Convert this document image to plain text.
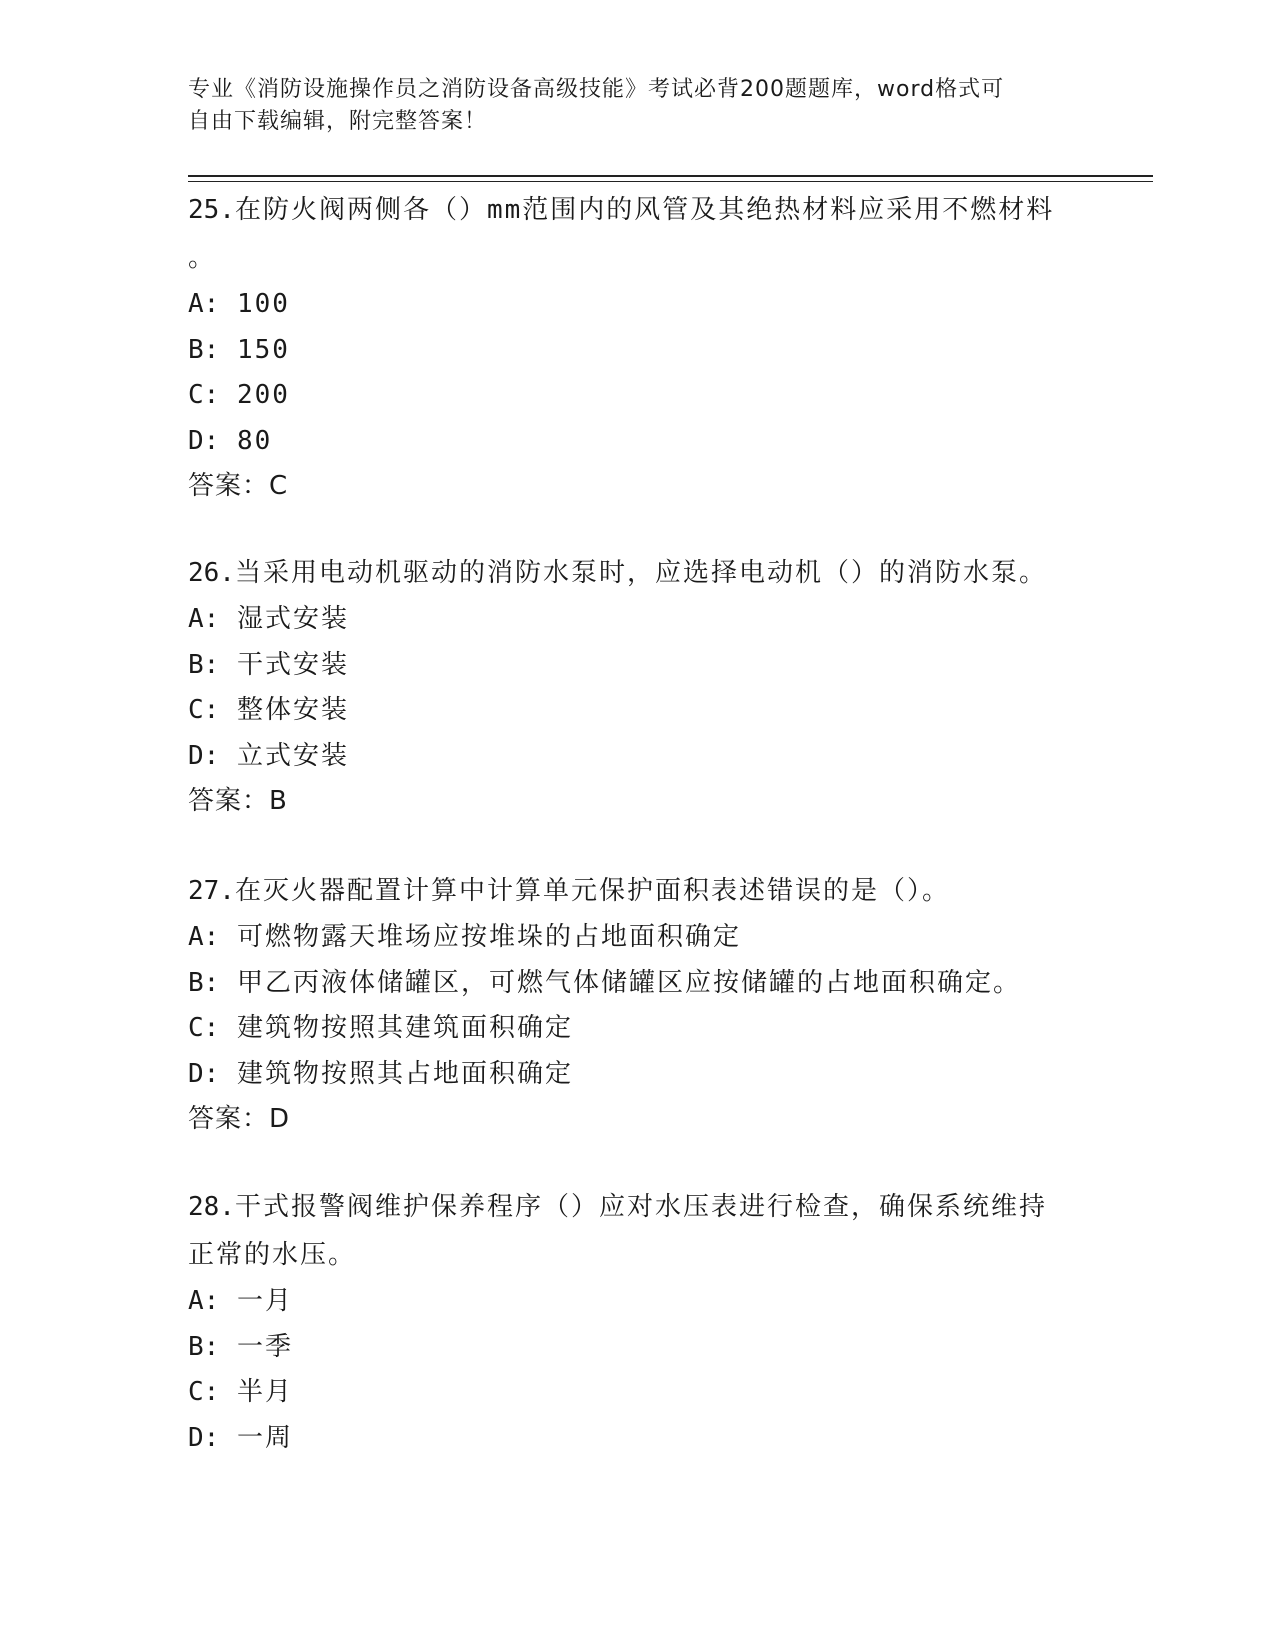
专业《消防设施操作员之消防设备高级技能》考试必背200题题库，word格式可
自由下载编辑，附完整答案！

25.在防火阀两侧各（）mm范围内的风管及其绝热材料应采用不燃材料

。

A: 100

B: 150

C: 200

D: 80

答案：C

26.当采用电动机驱动的消防水泵时，应选择电动机（）的消防水泵。

A: 湿式安装

B: 干式安装

C: 整体安装

D: 立式安装

答案：B

27.在灭火器配置计算中计算单元保护面积表述错误的是（）。

A: 可燃物露天堆场应按堆垛的占地面积确定

B: 甲乙丙液体储罐区，可燃气体储罐区应按储罐的占地面积确定。

C: 建筑物按照其建筑面积确定

D: 建筑物按照其占地面积确定

答案：D

28.干式报警阀维护保养程序（）应对水压表进行检查，确保系统维持

正常的水压。

A: 一月

B: 一季

C: 半月

D: 一周
